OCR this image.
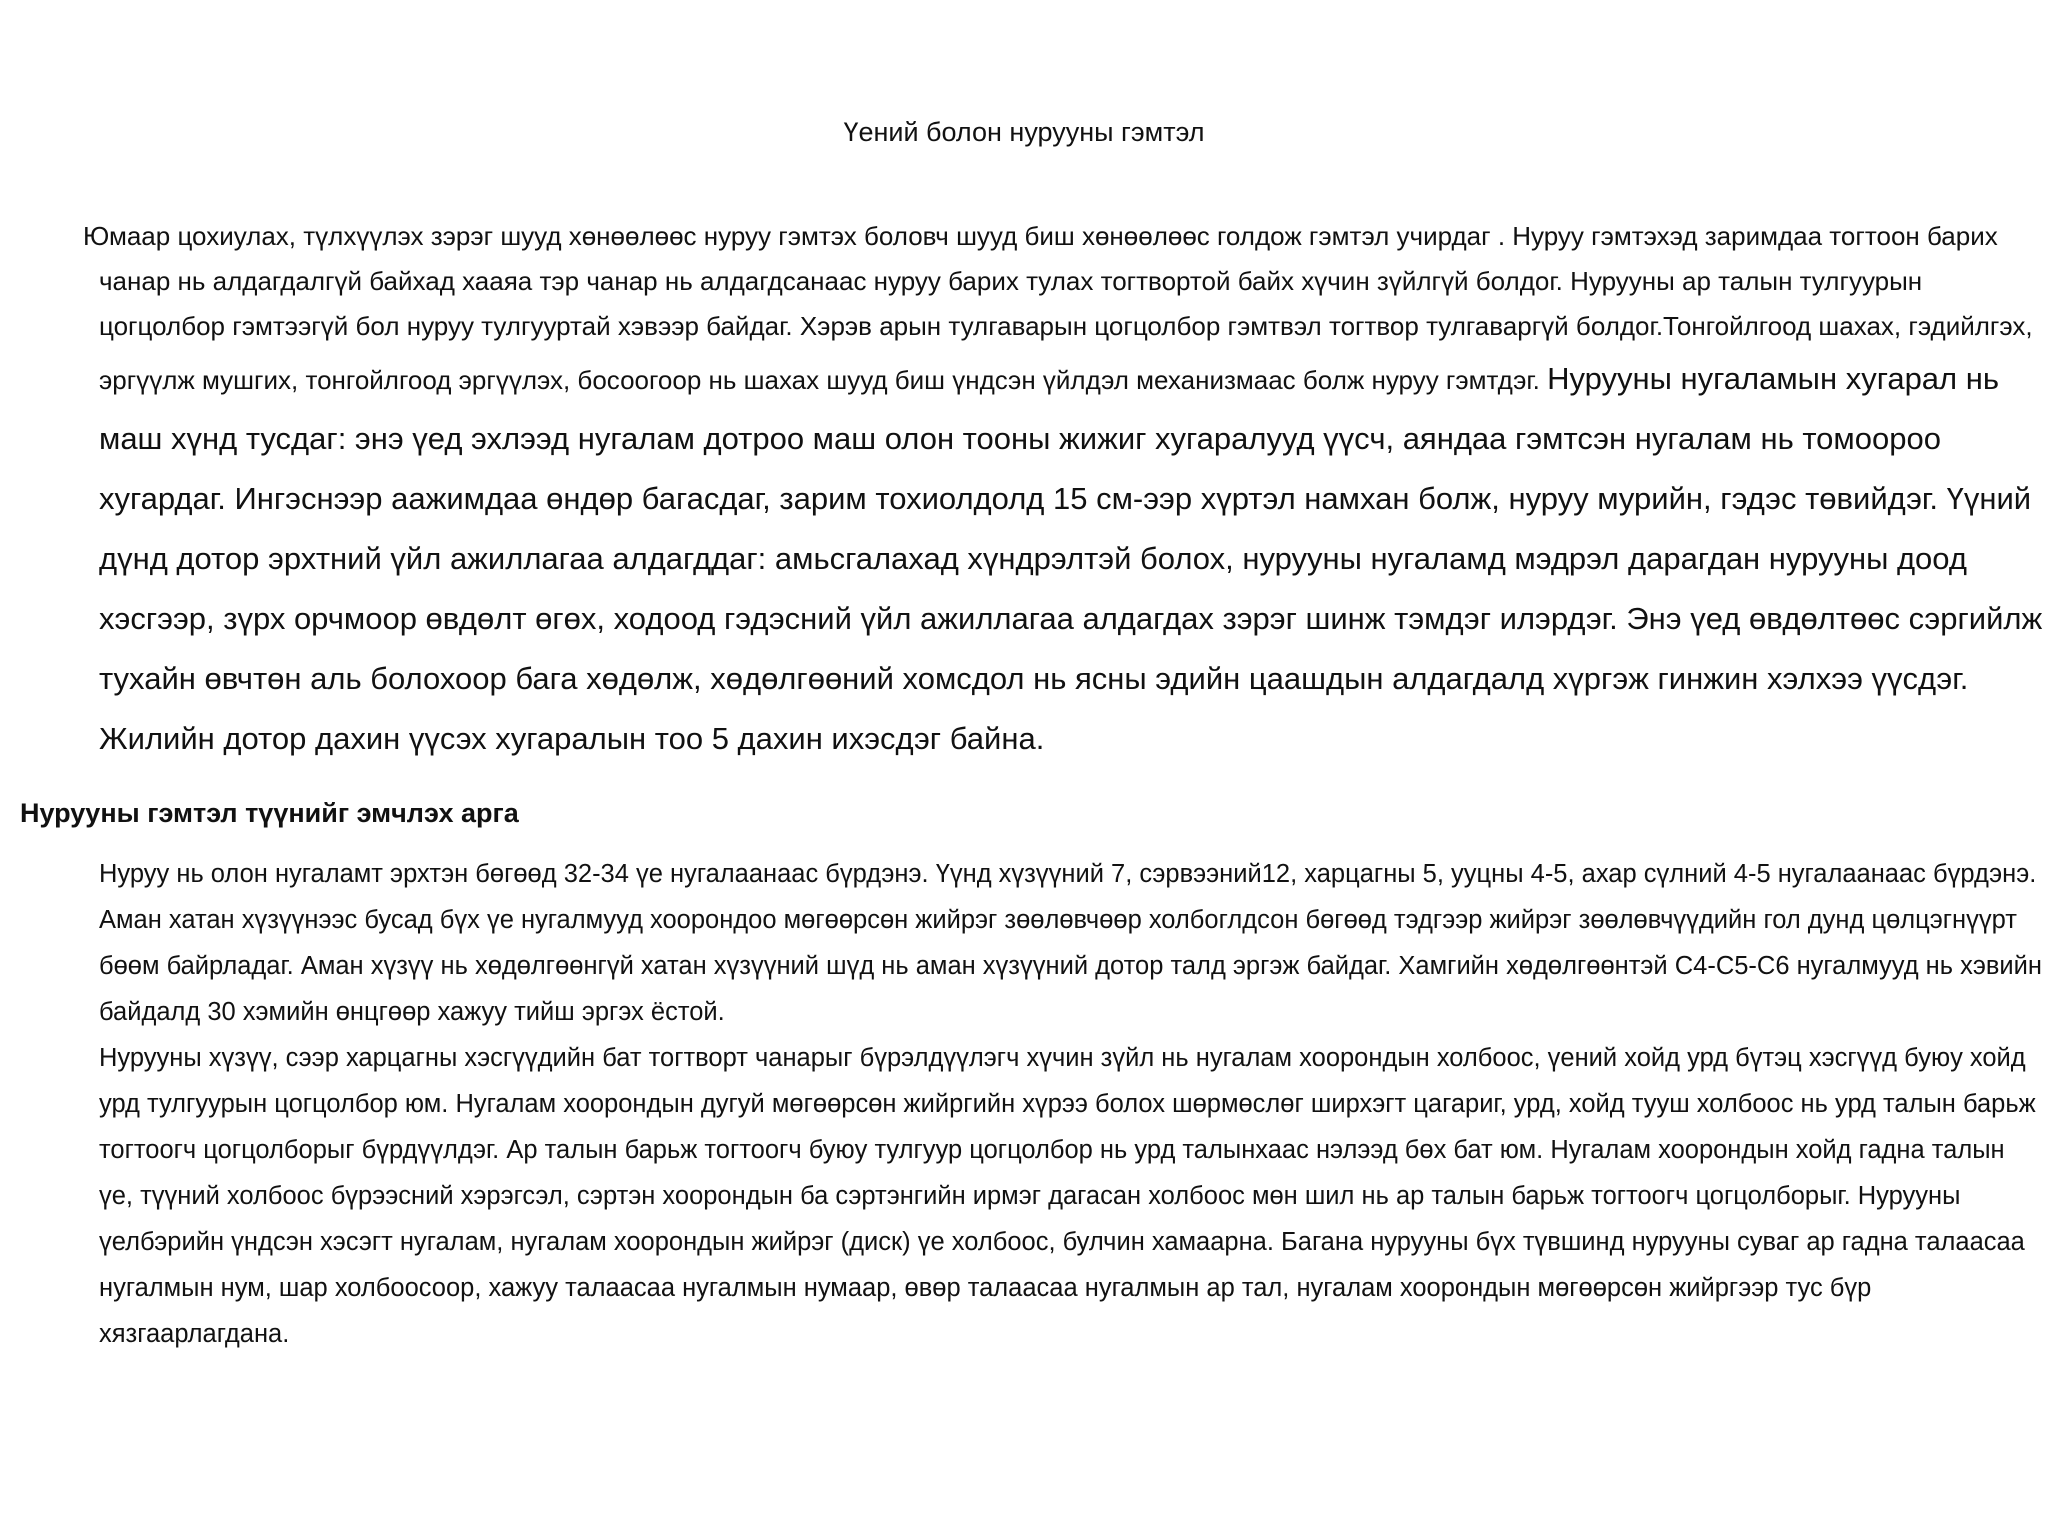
Үений болон нурууны гэмтэл

Юмаар цохиулах, түлхүүлэх зэрэг шууд хөнөөлөөс нуруу гэмтэх боловч шууд биш хөнөөлөөс голдож гэмтэл учирдаг . Нуруу гэмтэхэд заримдаа тогтоон барих чанар нь алдагдалгүй байхад хааяа тэр чанар нь алдагдсанаас нуруу барих тулах тогтвортой байх хүчин зүйлгүй болдог. Нурууны ар талын тулгуурын цогцолбор гэмтээгүй бол нуруу тулгууртай хэвээр байдаг. Хэрэв арын тулгаварын цогцолбор гэмтвэл тогтвор тулгаваргүй болдог.Тонгойлгоод шахах, гэдийлгэх, эргүүлж мушгих, тонгойлгоод эргүүлэх, босоогоор нь шахах шууд биш үндсэн үйлдэл механизмаас болж нуруу гэмтдэг. Нурууны нугаламын хугарал нь маш хүнд тусдаг: энэ үед эхлээд нугалам дотроо маш олон тооны жижиг хугаралууд үүсч, аяндаа гэмтсэн нугалам нь томоороо хугардаг. Ингэснээр аажимдаа өндөр багасдаг, зарим тохиолдолд 15 см-ээр хүртэл намхан болж, нуруу мурийн, гэдэс төвийдэг. Үүний дүнд дотор эрхтний үйл ажиллагаа алдагддаг: амьсгалахад хүндрэлтэй болох, нурууны нугаламд мэдрэл дарагдан нурууны доод хэсгээр, зүрх орчмоор өвдөлт өгөх, ходоод гэдэсний үйл ажиллагаа алдагдах зэрэг шинж тэмдэг илэрдэг. Энэ үед өвдөлтөөс сэргийлж тухайн өвчтөн аль болохоор бага хөдөлж, хөдөлгөөний хомсдол нь ясны эдийн цаашдын алдагдалд хүргэж гинжин хэлхээ үүсдэг. Жилийн дотор дахин үүсэх хугаралын тоо 5 дахин ихэсдэг байна.

Нурууны гэмтэл түүнийг эмчлэх арга

Нуруу нь олон нугаламт эрхтэн бөгөөд 32-34 үе нугалаанаас бүрдэнэ. Үүнд хүзүүний 7, сэрвээний12, харцагны 5, ууцны 4-5, ахар сүлний 4-5 нугалаанаас бүрдэнэ.

Аман хатан хүзүүнээс бусад бүх үе нугалмууд хоорондоо мөгөөрсөн жийрэг зөөлөвчөөр холбоглдсон бөгөөд тэдгээр жийрэг зөөлөвчүүдийн гол дунд цөлцэгнүүрт бөөм байрладаг. Аман хүзүү нь хөдөлгөөнгүй хатан хүзүүний шүд нь аман хүзүүний дотор талд эргэж байдаг. Хамгийн хөдөлгөөнтэй C4-C5-C6 нугалмууд нь хэвийн байдалд 30 хэмийн өнцгөөр хажуу тийш эргэх ёстой.

Нурууны хүзүү, сээр харцагны хэсгүүдийн бат тогтворт чанарыг бүрэлдүүлэгч хүчин зүйл нь нугалам хоорондын холбоос, үений хойд урд бүтэц хэсгүүд буюу хойд урд тулгуурын цогцолбор юм. Нугалам хоорондын дугуй мөгөөрсөн жийргийн хүрээ болох шөрмөслөг ширхэгт цагариг, урд, хойд тууш холбоос нь урд талын барьж тогтоогч цогцолборыг бүрдүүлдэг. Ар талын барьж тогтоогч буюу тулгуур цогцолбор нь урд талынхаас нэлээд бөх бат юм. Нугалам хоорондын хойд гадна талын үе, түүний холбоос бүрээсний хэрэгсэл, сэртэн хоорондын ба сэртэнгийн ирмэг дагасан холбоос мөн шил нь ар талын барьж тогтоогч цогцолборыг. Нурууны үелбэрийн үндсэн хэсэгт нугалам, нугалам хоорондын жийрэг (диск) үе холбоос, булчин хамаарна. Багана нурууны бүх түвшинд нурууны суваг ар гадна талаасаа нугалмын нум, шар холбоосоор, хажуу талаасаа нугалмын нумаар, өвөр талаасаа нугалмын ар тал, нугалам хоорондын мөгөөрсөн жийргээр тус бүр хязгаарлагдана.
